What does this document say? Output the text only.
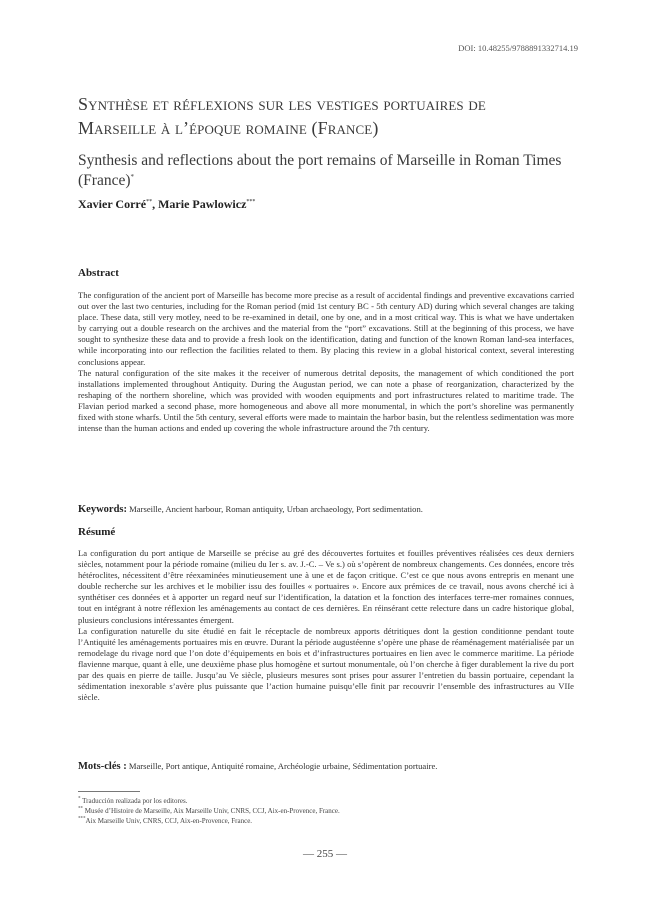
DOI: 10.48255/9788891332714.19
Synthèse et réflexions sur les vestiges portuaires de
Marseille à l’époque romaine (France)
Synthesis and reflections about the port remains of Marseille in Roman Times
(France)*
Xavier Corré**, Marie Pawlowicz***
Abstract

The configuration of the ancient port of Marseille has become more precise as a result of accidental findings and preventive excavations carried out over the last two centuries, including for the Roman period (mid 1st century BC - 5th century AD) during which several changes are taking place. These data, still very motley, need to be re-examined in detail, one by one, and in a most critical way. This is what we have undertaken by carrying out a double research on the archives and the material from the “port” excavations. Still at the beginning of this process, we have sought to synthesize these data and to provide a fresh look on the identification, dating and function of the known Roman land-sea interfaces, while incorporating into our reflection the facilities related to them. By placing this review in a global historical context, several interesting conclusions appear.

The natural configuration of the site makes it the receiver of numerous detrital deposits, the management of which conditioned the port installations implemented throughout Antiquity. During the Augustan period, we can note a phase of reorganization, characterized by the reshaping of the northern shoreline, which was provided with wooden equipments and port infrastructures related to maritime trade. The Flavian period marked a second phase, more homogeneous and above all more monumental, in which the port’s shoreline was permanently fixed with stone wharfs. Until the 5th century, several efforts were made to maintain the harbor basin, but the relentless sedimentation was more intense than the human actions and ended up covering the whole infrastructure around the 7th century.

Keywords: Marseille, Ancient harbour, Roman antiquity, Urban archaeology, Port sedimentation.
Résumé

La configuration du port antique de Marseille se précise au gré des découvertes fortuites et fouilles préventives réalisées ces deux derniers siècles, notamment pour la période romaine (milieu du Ier s. av. J.-C. – Ve s.) où s’opèrent de nombreux changements. Ces données, encore très hétéroclites, nécessitent d’être réexaminées minutieusement une à une et de façon critique. C’est ce que nous avons entrepris en menant une double recherche sur les archives et le mobilier issu des fouilles « portuaires ». Encore aux prémices de ce travail, nous avons cherché ici à synthétiser ces données et à apporter un regard neuf sur l’identification, la datation et la fonction des interfaces terre-mer romaines connues, tout en intégrant à notre réflexion les aménagements au contact de ces dernières. En réinsérant cette relecture dans un cadre historique global, plusieurs conclusions intéressantes émergent.

La configuration naturelle du site étudié en fait le réceptacle de nombreux apports détritiques dont la gestion conditionne pendant toute l’Antiquité les aménagements portuaires mis en œuvre. Durant la période augustéenne s’opère une phase de réaménagement matérialisée par un remodelage du rivage nord que l’on dote d’équipements en bois et d’infrastructures portuaires en lien avec le commerce maritime. La période flavienne marque, quant à elle, une deuxième phase plus homogène et surtout monumentale, où l’on cherche à figer durablement la rive du port par des quais en pierre de taille. Jusqu’au Ve siècle, plusieurs mesures sont prises pour assurer l’entretien du bassin portuaire, cependant la sédimentation inexorable s’avère plus puissante que l’action humaine puisqu’elle finit par recouvrir l’ensemble des infrastructures au VIIe siècle.

Mots-clés : Marseille, Port antique, Antiquité romaine, Archéologie urbaine, Sédimentation portuaire.
* Traducción realizada por los editores.
** Musée d’Histoire de Marseille, Aix Marseille Univ, CNRS, CCJ, Aix-en-Provence, France.
***Aix Marseille Univ, CNRS, CCJ, Aix-en-Provence, France.
— 255 —
